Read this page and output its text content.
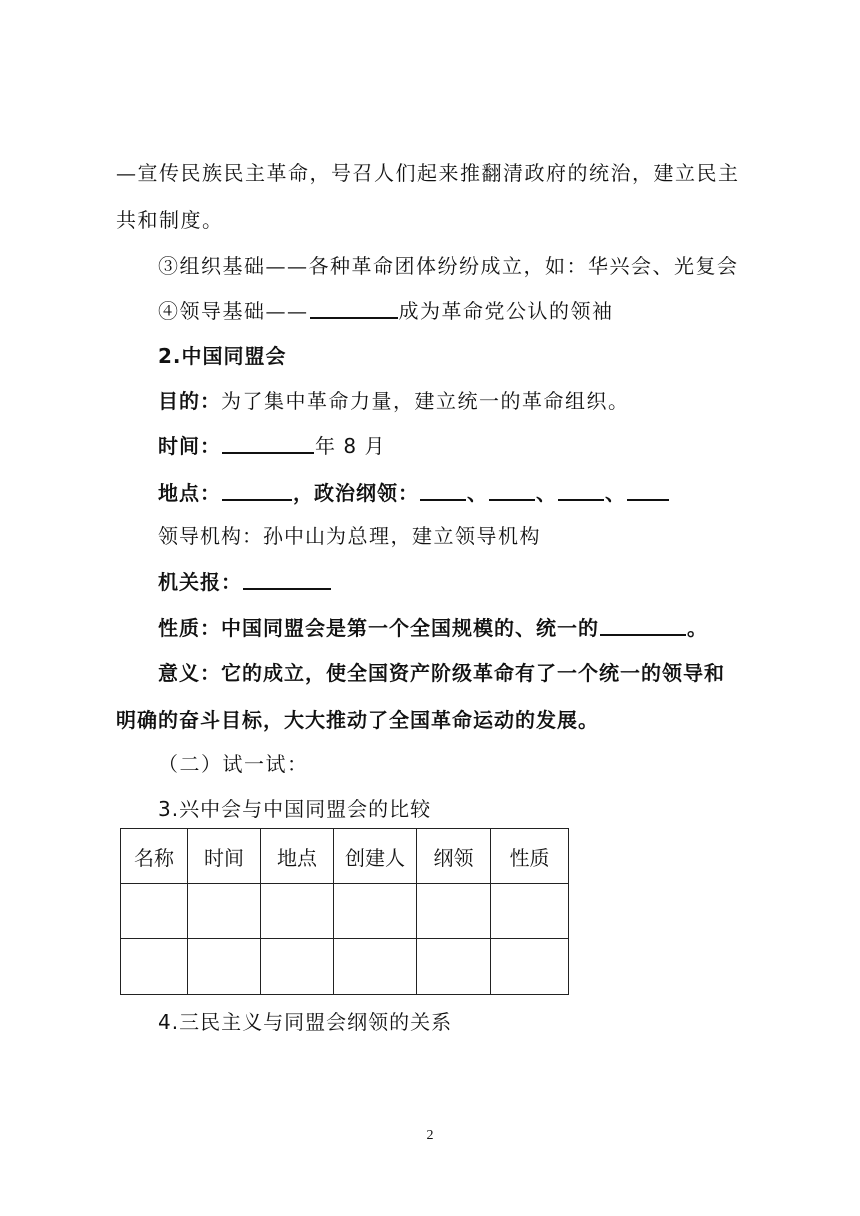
—宣传民族民主革命，号召人们起来推翻清政府的统治，建立民主
共和制度。
③组织基础——各种革命团体纷纷成立，如：华兴会、光复会
④领导基础——	成为革命党公认的领袖
2.中国同盟会
目的：为了集中革命力量，建立统一的革命组织。
时间：	年 8 月
地点：	，政治纲领： 、 、 、
领导机构：孙中山为总理，建立领导机构
机关报：
性质：中国同盟会是第一个全国规模的、统一的	。
意义：它的成立，使全国资产阶级革命有了一个统一的领导和
明确的奋斗目标，大大推动了全国革命运动的发展。
（二）试一试：
3.兴中会与中国同盟会的比较
名称	时间	地点	创建人	纲领	性质

4.三民主义与同盟会纲领的关系
2
